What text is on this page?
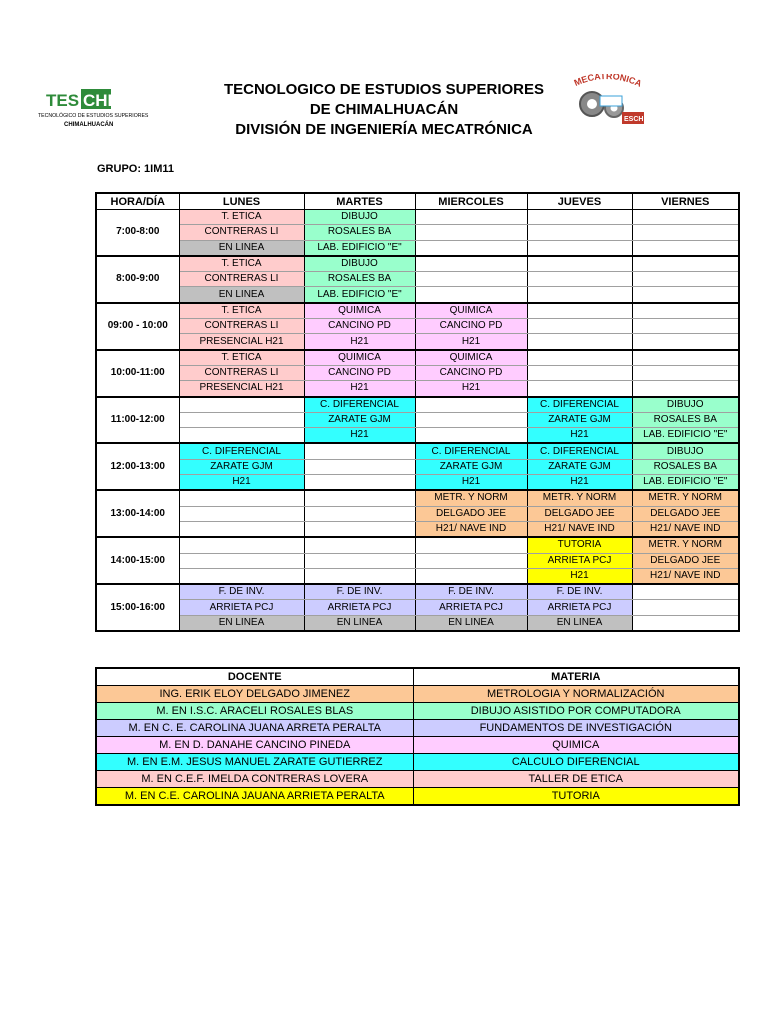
TES CHI
TECNOLÓGICO DE ESTUDIOS SUPERIORES
CHIMALHUACÁN
TECNOLOGICO DE ESTUDIOS SUPERIORES
DE CHIMALHUACÁN
DIVISIÓN DE INGENIERÍA MECATRÓNICA
MECATRÓNICA
ESCH
GRUPO: 1IM11
HORA/DÍA	LUNES	MARTES	MIERCOLES	JUEVES	VIERNES
7:00-8:00	T. ETICA	DIBUJO			
	CONTRERAS LI	ROSALES BA			
	EN LINEA	LAB. EDIFICIO "E"			
8:00-9:00	T. ETICA	DIBUJO			
	CONTRERAS LI	ROSALES BA			
	EN LINEA	LAB. EDIFICIO "E"			
09:00 - 10:00	T. ETICA	QUIMICA	QUIMICA		
	CONTRERAS LI	CANCINO PD	CANCINO PD		
	PRESENCIAL H21	H21	H21		
10:00-11:00	T. ETICA	QUIMICA	QUIMICA		
	CONTRERAS LI	CANCINO PD	CANCINO PD		
	PRESENCIAL H21	H21	H21		
11:00-12:00		C. DIFERENCIAL		C. DIFERENCIAL	DIBUJO
		ZARATE GJM		ZARATE GJM	ROSALES BA
		H21		H21	LAB. EDIFICIO "E"
12:00-13:00	C. DIFERENCIAL		C. DIFERENCIAL	C. DIFERENCIAL	DIBUJO
	ZARATE GJM		ZARATE GJM	ZARATE GJM	ROSALES BA
	H21		H21	H21	LAB. EDIFICIO "E"
13:00-14:00			METR. Y NORM	METR. Y NORM	METR. Y NORM
			DELGADO JEE	DELGADO JEE	DELGADO JEE
			H21/ NAVE IND	H21/ NAVE IND	H21/ NAVE IND
14:00-15:00				TUTORIA	METR. Y NORM
				ARRIETA PCJ	DELGADO JEE
				H21	H21/ NAVE IND
15:00-16:00	F. DE INV.	F. DE INV.	F. DE INV.	F. DE INV.	
	ARRIETA PCJ	ARRIETA PCJ	ARRIETA PCJ	ARRIETA PCJ	
	EN LINEA	EN LINEA	EN LINEA	EN LINEA	
DOCENTE	MATERIA
ING. ERIK ELOY DELGADO JIMENEZ	METROLOGIA Y NORMALIZACIÓN
M. EN I.S.C. ARACELI ROSALES BLAS	DIBUJO ASISTIDO POR COMPUTADORA
M. EN C. E. CAROLINA JUANA ARRETA PERALTA	FUNDAMENTOS DE INVESTIGACIÓN
M. EN D. DANAHE CANCINO PINEDA	QUIMICA
M. EN E.M. JESUS MANUEL ZARATE GUTIERREZ	CALCULO DIFERENCIAL
M. EN C.E.F. IMELDA CONTRERAS LOVERA	TALLER DE ETICA
M. EN C.E. CAROLINA JAUANA ARRIETA PERALTA	TUTORIA
